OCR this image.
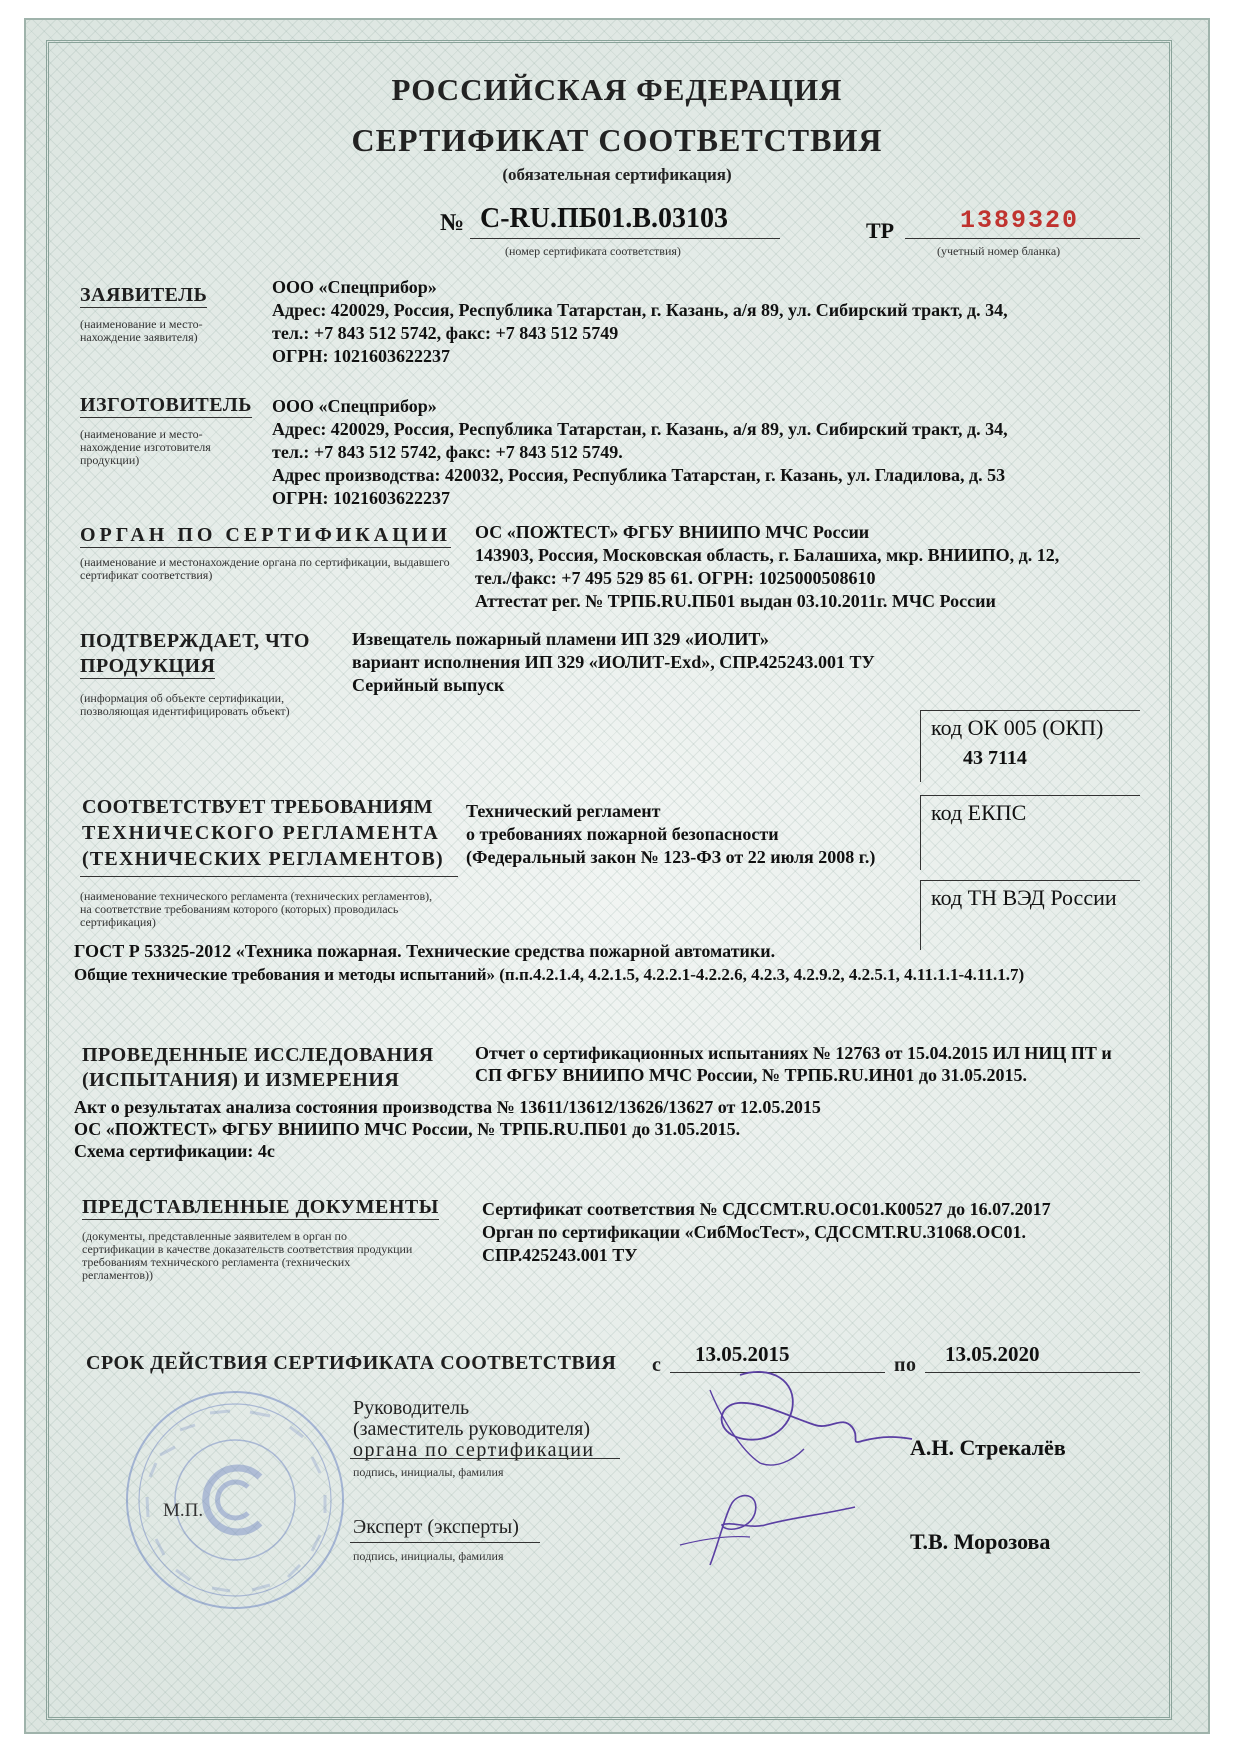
РОССИЙСКАЯ ФЕДЕРАЦИЯ
СЕРТИФИКАТ СООТВЕТСТВИЯ
(обязательная сертификация)
№ С-RU.ПБ01.В.03103
(номер сертификата соответствия)
ТР	1389320
(учетный номер бланка)
ЗАЯВИТЕЛЬ
(наименование и место-нахождение заявителя)
ООО «Спецприбор»
Адрес: 420029, Россия, Республика Татарстан, г. Казань, а/я 89, ул. Сибирский тракт, д. 34,
тел.: +7 843 512 5742, факс: +7 843 512 5749
ОГРН: 1021603622237
ИЗГОТОВИТЕЛЬ
(наименование и место-нахождение изготовителя продукции)
ООО «Спецприбор»
Адрес: 420029, Россия, Республика Татарстан, г. Казань, а/я 89, ул. Сибирский тракт, д. 34,
тел.: +7 843 512 5742, факс: +7 843 512 5749.
Адрес производства: 420032, Россия, Республика Татарстан, г. Казань, ул. Гладилова, д. 53
ОГРН: 1021603622237
ОРГАН ПО СЕРТИФИКАЦИИ
(наименование и местонахождение органа по сертификации, выдавшего сертификат соответствия)
ОС «ПОЖТЕСТ» ФГБУ ВНИИПО МЧС России
143903, Россия, Московская область, г. Балашиха, мкр. ВНИИПО, д. 12,
тел./факс: +7 495 529 85 61. ОГРН: 1025000508610
Аттестат рег. № ТРПБ.RU.ПБ01 выдан 03.10.2011г. МЧС России
ПОДТВЕРЖДАЕТ, ЧТО
ПРОДУКЦИЯ
(информация об объекте сертификации, позволяющая идентифицировать объект)
Извещатель пожарный пламени ИП 329 «ИОЛИТ»
вариант исполнения ИП 329 «ИОЛИТ-Exd», СПР.425243.001 ТУ
Серийный выпуск
код ОК 005 (ОКП)
43 7114
код ЕКПС
код ТН ВЭД России
СООТВЕТСТВУЕТ ТРЕБОВАНИЯМ
ТЕХНИЧЕСКОГО РЕГЛАМЕНТА
(ТЕХНИЧЕСКИХ РЕГЛАМЕНТОВ)
(наименование технического регламента (технических регламентов), на соответствие требованиям которого (которых) проводилась сертификация)
Технический регламент
о требованиях пожарной безопасности
(Федеральный закон № 123-ФЗ от 22 июля 2008 г.)
ГОСТ Р 53325-2012 «Техника пожарная. Технические средства пожарной автоматики.
Общие технические требования и методы испытаний» (п.п.4.2.1.4, 4.2.1.5, 4.2.2.1-4.2.2.6, 4.2.3, 4.2.9.2, 4.2.5.1, 4.11.1.1-4.11.1.7)
ПРОВЕДЕННЫЕ ИССЛЕДОВАНИЯ
(ИСПЫТАНИЯ) И ИЗМЕРЕНИЯ
Отчет о сертификационных испытаниях № 12763 от 15.04.2015 ИЛ НИЦ ПТ и
СП ФГБУ ВНИИПО МЧС России, № ТРПБ.RU.ИН01 до 31.05.2015.
Акт о результатах анализа состояния производства № 13611/13612/13626/13627 от 12.05.2015
ОС «ПОЖТЕСТ» ФГБУ ВНИИПО МЧС России, № ТРПБ.RU.ПБ01 до 31.05.2015.
Схема сертификации: 4с
ПРЕДСТАВЛЕННЫЕ ДОКУМЕНТЫ
(документы, представленные заявителем в орган по сертификации в качестве доказательств соответствия продукции требованиям технического регламента (технических регламентов))
Сертификат соответствия № СДССМТ.RU.ОС01.К00527 до 16.07.2017
Орган по сертификации «СибМосТест», СДССМТ.RU.31068.ОС01.
СПР.425243.001 ТУ
СРОК ДЕЙСТВИЯ СЕРТИФИКАТА СООТВЕТСТВИЯ с 13.05.2015	по 13.05.2020
М.П.
Руководитель
(заместитель руководителя)
органа по сертификации
подпись, инициалы, фамилия
А.Н. Стрекалёв
Эксперт (эксперты)
подпись, инициалы, фамилия
Т.В. Морозова
